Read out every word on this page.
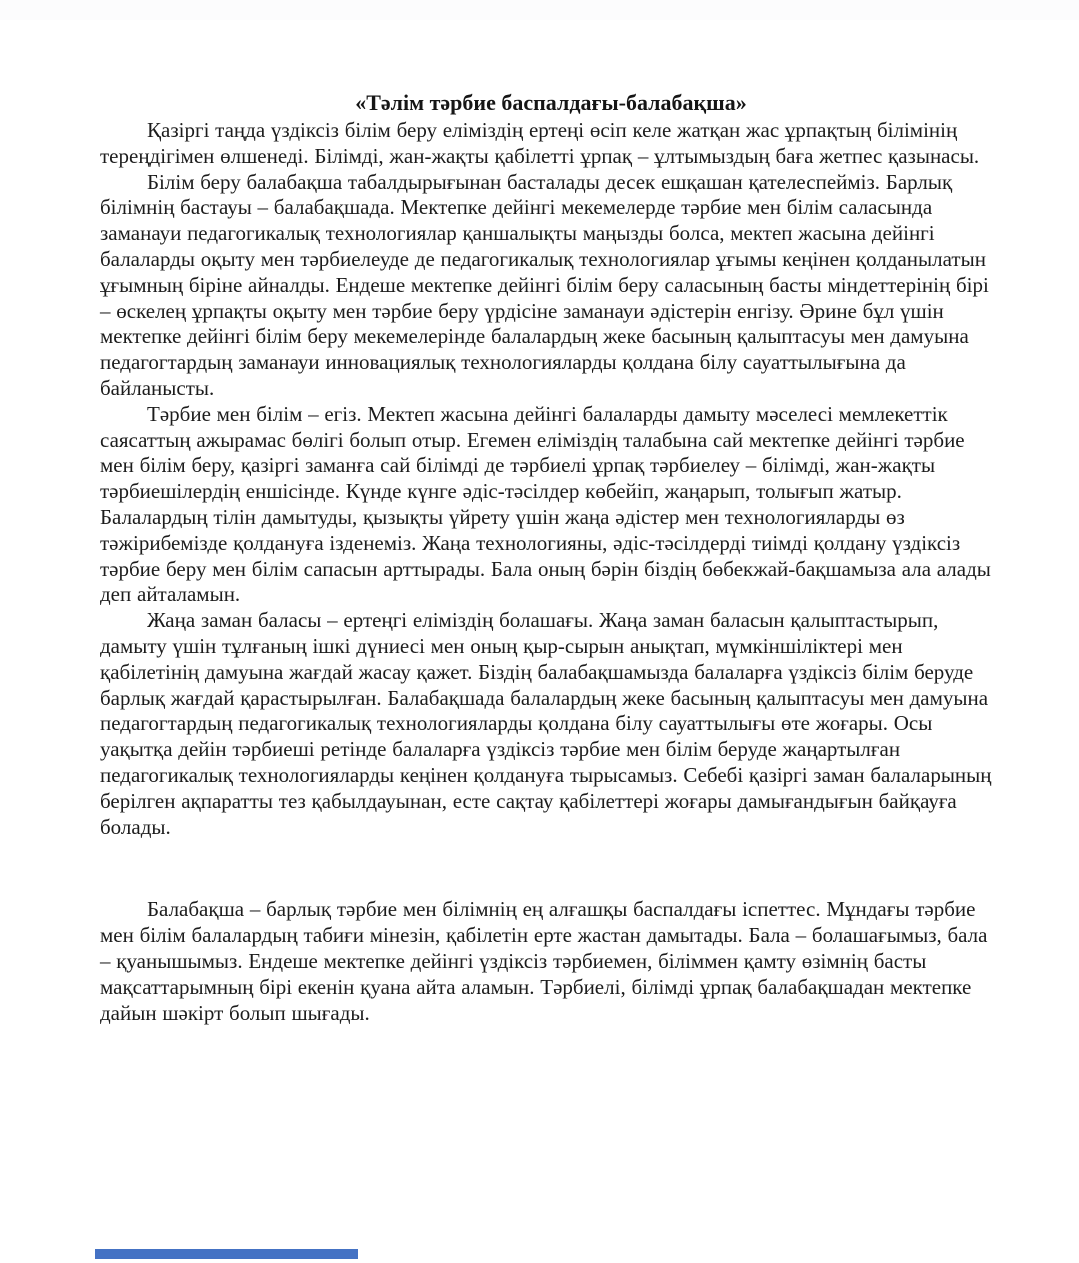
«Тәлім тәрбие баспалдағы-балабақша»

Қазіргі таңда үздіксіз білім беру еліміздің ертеңі өсіп келе жатқан жас ұрпақтың білімінің тереңдігімен өлшенеді. Білімді, жан-жақты қабілетті ұрпақ – ұлтымыздың баға жетпес қазынасы.

Білім беру балабақша табалдырығынан басталады десек ешқашан қателеспейміз. Барлық білімнің бастауы – балабақшада. Мектепке дейінгі мекемелерде тәрбие мен білім саласында заманауи педагогикалық технологиялар қаншалықты маңызды болса, мектеп жасына дейінгі балаларды оқыту мен тәрбиелеуде де педагогикалық технологиялар ұғымы кеңінен қолданылатын ұғымның біріне айналды. Ендеше мектепке дейінгі білім беру саласының басты міндеттерінің бірі – өскелең ұрпақты оқыту мен тәрбие беру үрдісіне заманауи әдістерін енгізу. Әрине бұл үшін мектепке дейінгі білім беру мекемелерінде балалардың жеке басының қалыптасуы мен дамуына педагогтардың заманауи инновациялық технологияларды қолдана білу сауаттылығына да байланысты.

Тәрбие мен білім – егіз. Мектеп жасына дейінгі балаларды дамыту мәселесі мемлекеттік саясаттың ажырамас бөлігі болып отыр. Егемен еліміздің талабына сай мектепке дейінгі тәрбие мен білім беру, қазіргі заманға сай білімді де тәрбиелі ұрпақ тәрбиелеу – білімді, жан-жақты тәрбиешілердің еншісінде. Күнде күнге әдіс-тәсілдер көбейіп, жаңарып, толығып жатыр. Балалардың тілін дамытуды, қызықты үйрету үшін жаңа әдістер мен технологияларды өз тәжірибемізде қолдануға ізденеміз. Жаңа технологияны, әдіс-тәсілдерді тиімді қолдану үздіксіз тәрбие беру мен білім сапасын арттырады. Бала оның бәрін біздің бөбекжай-бақшамыза ала алады деп айталамын.

Жаңа заман баласы – ертеңгі еліміздің болашағы. Жаңа заман баласын қалыптастырып, дамыту үшін тұлғаның ішкі дүниесі мен оның қыр-сырын анықтап, мүмкіншіліктері мен қабілетінің дамуына жағдай жасау қажет. Біздің балабақшамызда балаларға үздіксіз білім беруде барлық жағдай қарастырылған. Балабақшада балалардың жеке басының қалыптасуы мен дамуына педагогтардың педагогикалық технологияларды қолдана білу сауаттылығы өте жоғары. Осы уақытқа дейін тәрбиеші ретінде балаларға үздіксіз тәрбие мен білім беруде жаңартылған педагогикалық технологияларды кеңінен қолдануға тырысамыз. Себебі қазіргі заман балаларының берілген ақпаратты тез қабылдауынан, есте сақтау қабілеттері жоғары дамығандығын байқауға болады.

Балабақша – барлық тәрбие мен білімнің ең алғашқы баспалдағы іспеттес. Мұндағы тәрбие мен білім балалардың табиғи мінезін, қабілетін ерте жастан дамытады. Бала – болашағымыз, бала – қуанышымыз. Ендеше мектепке дейінгі үздіксіз тәрбиемен, біліммен қамту өзімнің басты мақсаттарымның бірі екенін қуана айта аламын. Тәрбиелі, білімді ұрпақ балабақшадан мектепке дайын шәкірт болып шығады.
